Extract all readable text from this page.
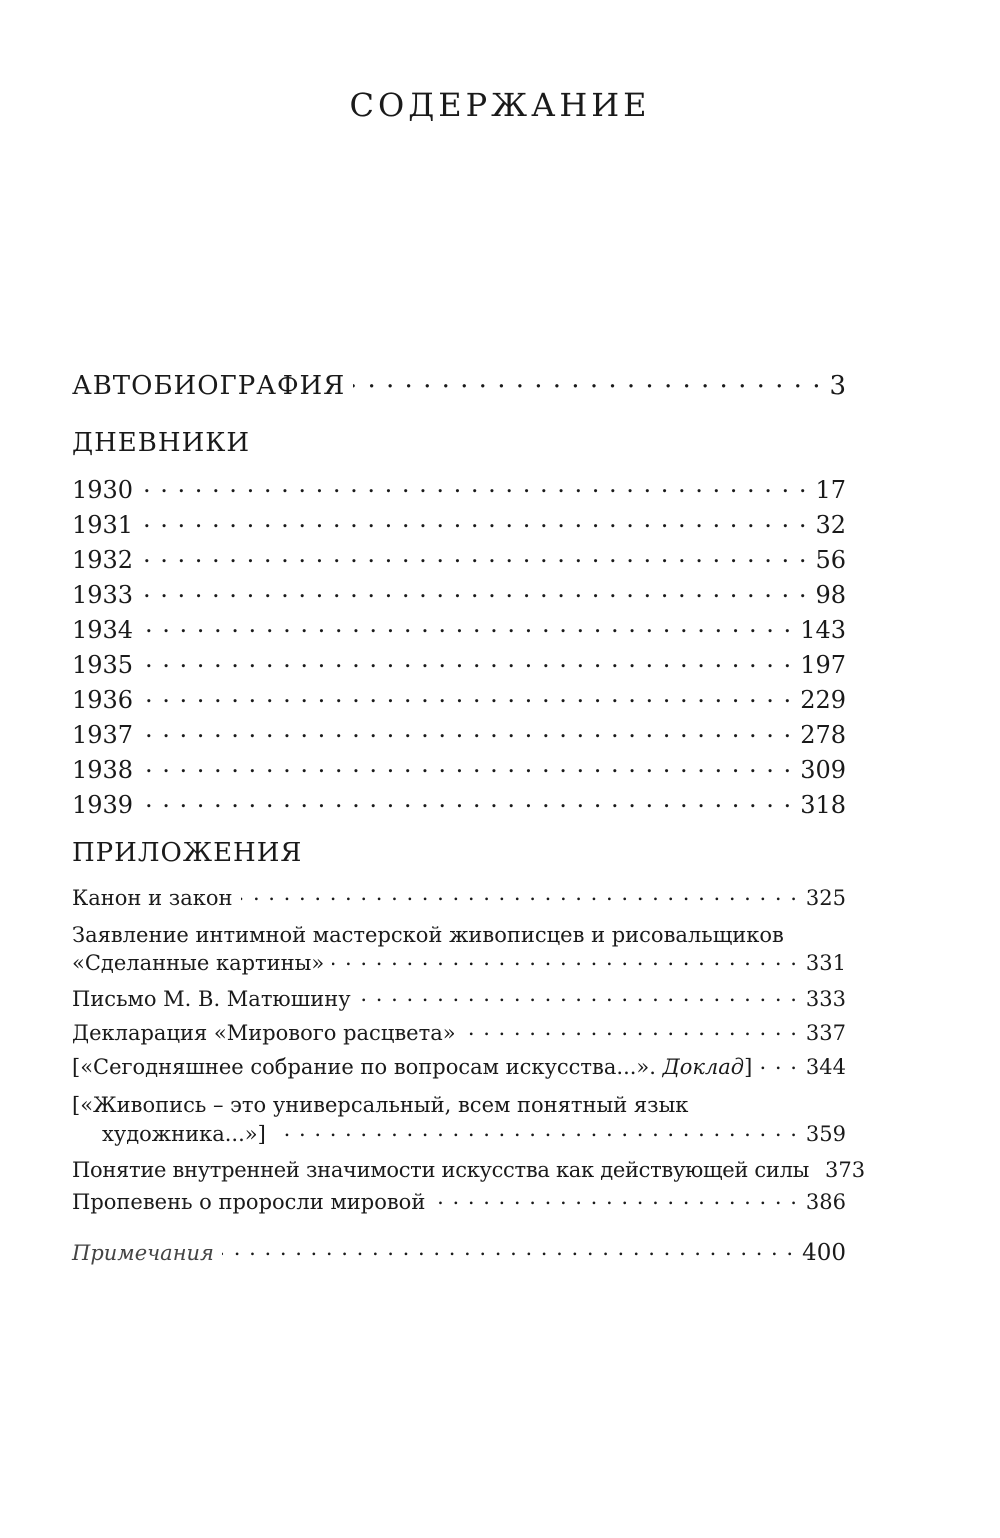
СОДЕРЖАНИЕ
АВТОБИОГРАФИЯ . . .	3
ДНЕВНИКИ
1930 . . .	17
1931 . . .	32
1932 . . .	56
1933 . . .	98
1934 . . .	143
1935 . . .	197
1936 . . .	229
1937 . . .	278
1938 . . .	309
1939 . . .	318
ПРИЛОЖЕНИЯ
Канон и закон . . .	325
Заявление интимной мастерской живописцев и рисовальщиков
«Сделанные картины» . . .	331
Письмо М. В. Матюшину . . .	333
Декларация «Мирового расцвета» . . .	337
[«Сегодняшнее собрание по вопросам искусства...». Доклад] . . .	344
[«Живопись – это универсальный, всем понятный язык
художника...»] . . .	359
Понятие внутренней значимости искусства как действующей силы 373
Пропевень о проросли мировой . . .	386
Примечания . . .	400
